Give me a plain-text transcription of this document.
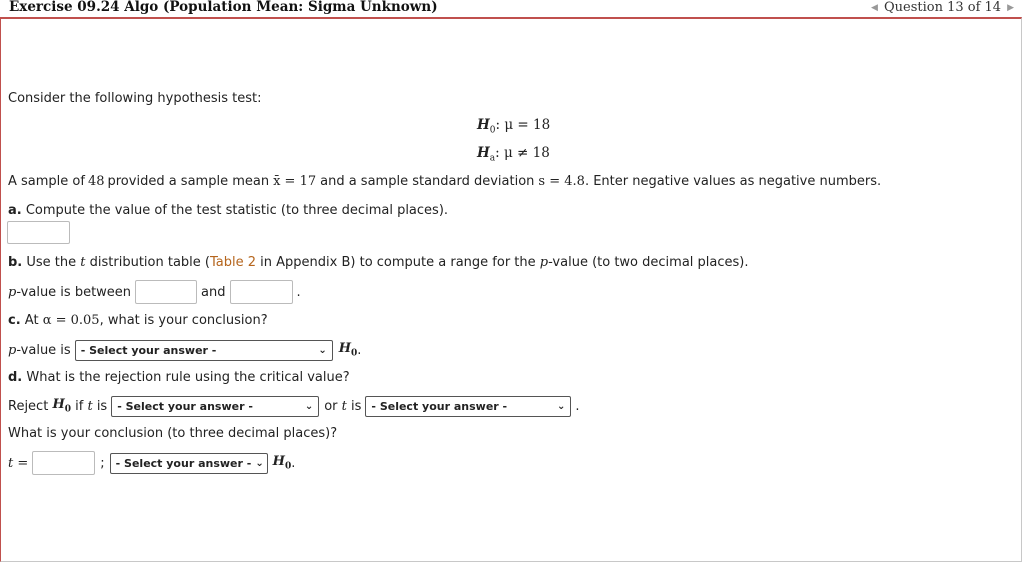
Exercise 09.24 Algo (Population Mean: Sigma Unknown)	◀ Question 13 of 14 ▶
Consider the following hypothesis test:
$H_0$: μ = 18
$H_a$: μ ≠ 18
A sample of 48 provided a sample mean x̄ = 17 and a sample standard deviation s = 4.8 . Enter negative values as negative numbers.
a. Compute the value of the test statistic (to three decimal places).
b. Use the t distribution table ( Table 2 in Appendix B) to compute a range for the p -value (to two decimal places).
p -value is between	and	.
c. At α = 0.05 , what is your conclusion?
p -value is - Select your answer -	⌄ $H_0$ .
d. What is the rejection rule using the critical value?
Reject $H_0$ if t is - Select your answer -	⌄ or t is - Select your answer -	⌄ .
What is your conclusion (to three decimal places)?
t =	; - Select your answer - ⌄ $H_0$ .
